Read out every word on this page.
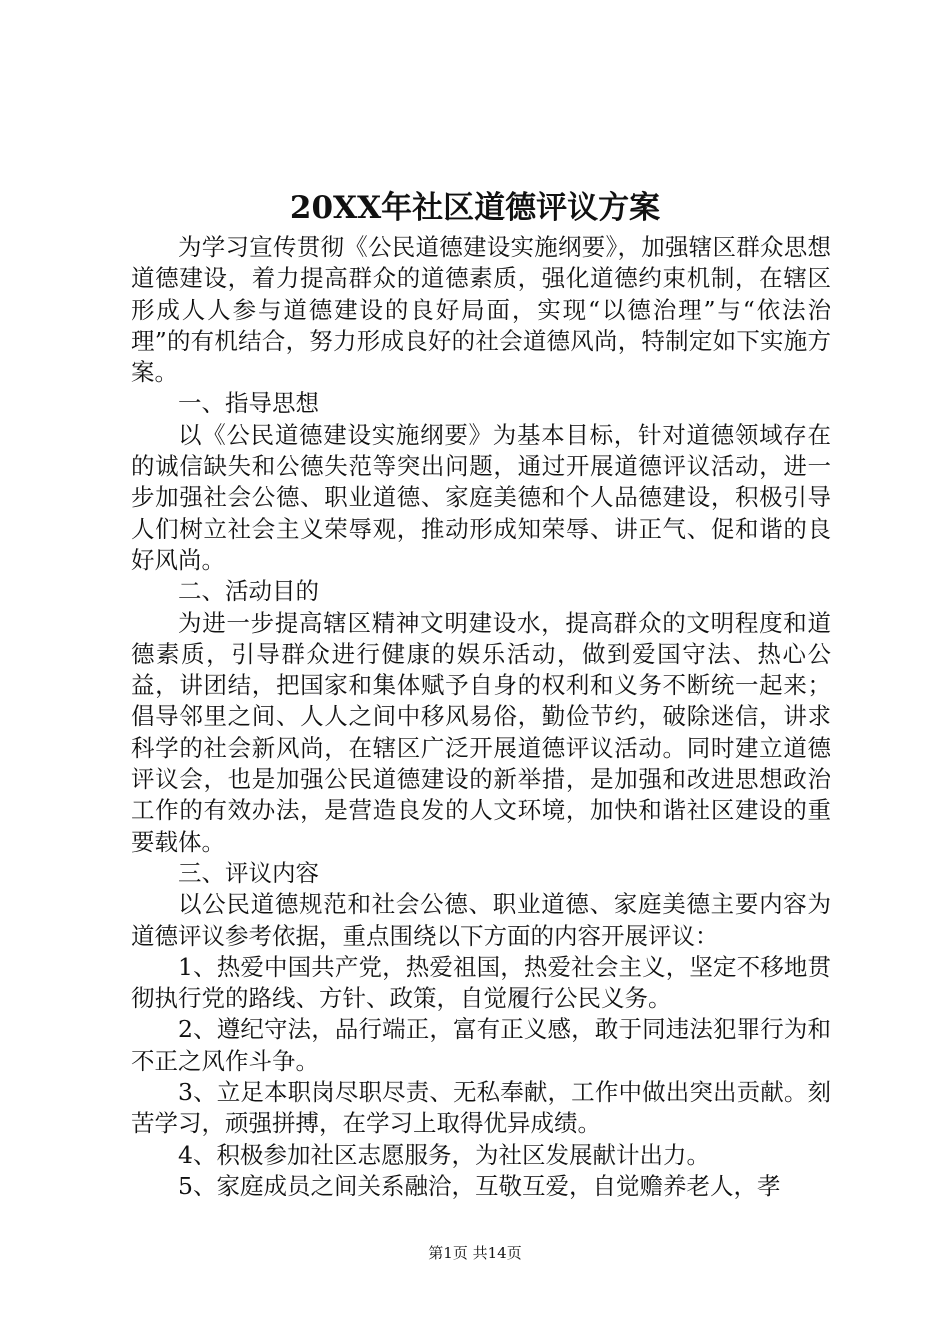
20XX年社区道德评议方案

为学习宣传贯彻《公民道德建设实施纲要》，加强辖区群众思想道德建设，着力提高群众的道德素质，强化道德约束机制，在辖区形成人人参与道德建设的良好局面，实现“以德治理”与“依法治理”的有机结合，努力形成良好的社会道德风尚，特制定如下实施方案。

一、指导思想

以《公民道德建设实施纲要》为基本目标，针对道德领域存在的诚信缺失和公德失范等突出问题，通过开展道德评议活动，进一步加强社会公德、职业道德、家庭美德和个人品德建设，积极引导人们树立社会主义荣辱观，推动形成知荣辱、讲正气、促和谐的良好风尚。

二、活动目的

为进一步提高辖区精神文明建设水，提高群众的文明程度和道德素质，引导群众进行健康的娱乐活动，做到爱国守法、热心公益，讲团结，把国家和集体赋予自身的权利和义务不断统一起来；倡导邻里之间、人人之间中移风易俗，勤俭节约，破除迷信，讲求科学的社会新风尚，在辖区广泛开展道德评议活动。同时建立道德评议会，也是加强公民道德建设的新举措，是加强和改进思想政治工作的有效办法，是营造良发的人文环境，加快和谐社区建设的重要载体。

三、评议内容

以公民道德规范和社会公德、职业道德、家庭美德主要内容为道德评议参考依据，重点围绕以下方面的内容开展评议：

1、热爱中国共产党，热爱祖国，热爱社会主义，坚定不移地贯彻执行党的路线、方针、政策，自觉履行公民义务。

2、遵纪守法，品行端正，富有正义感，敢于同违法犯罪行为和不正之风作斗争。

3、立足本职岗尽职尽责、无私奉献，工作中做出突出贡献。刻苦学习，顽强拼搏，在学习上取得优异成绩。

4、积极参加社区志愿服务，为社区发展献计出力。

5、家庭成员之间关系融洽，互敬互爱，自觉赡养老人，孝

第1页 共14页
